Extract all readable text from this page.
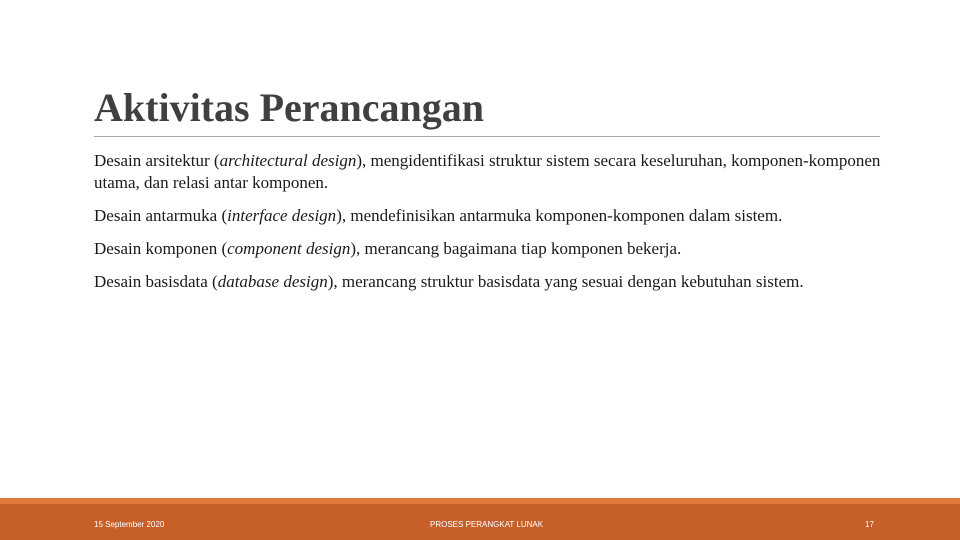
Aktivitas Perancangan

Desain arsitektur (architectural design), mengidentifikasi struktur sistem secara keseluruhan, komponen-komponen utama, dan relasi antar komponen.

Desain antarmuka (interface design), mendefinisikan antarmuka komponen-komponen dalam sistem.

Desain komponen (component design), merancang bagaimana tiap komponen bekerja.

Desain basisdata (database design), merancang struktur basisdata yang sesuai dengan kebutuhan sistem.

15 September 2020	PROSES PERANGKAT LUNAK	17
